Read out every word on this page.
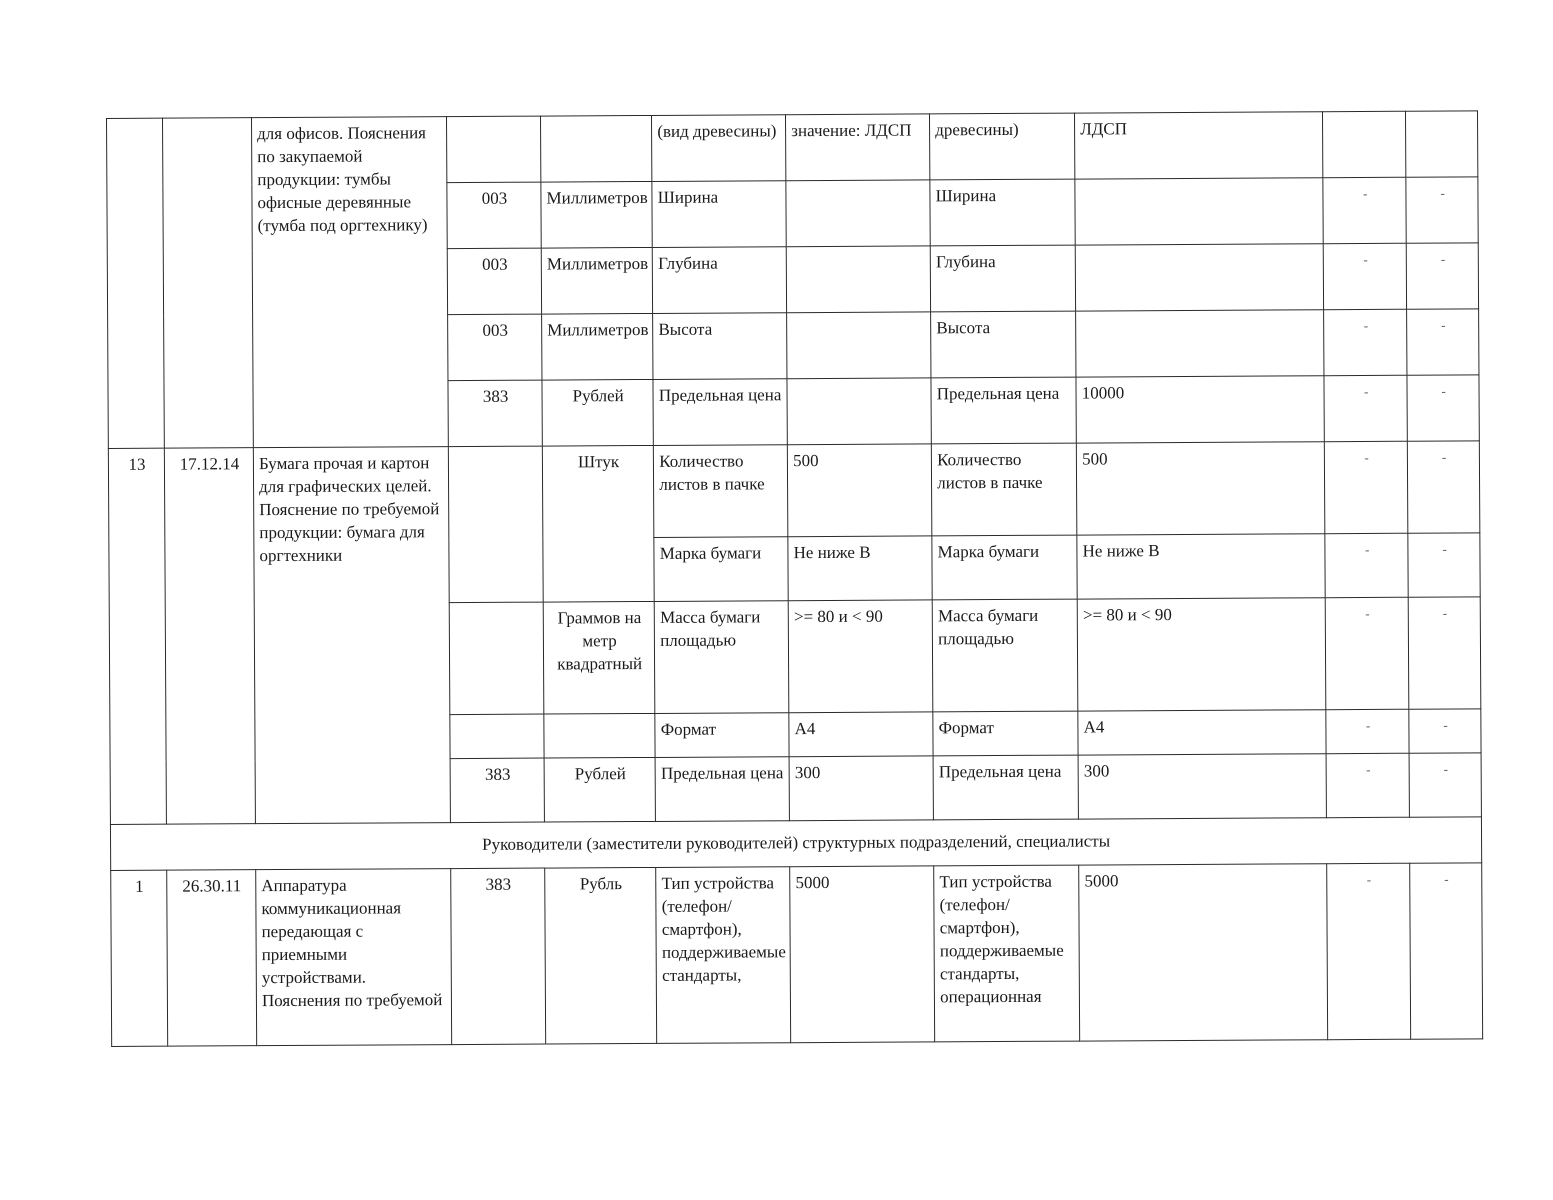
		для офисов. Пояснения по закупаемой продукции: тумбы офисные деревянные (тумба под оргтехнику)			(вид древесины)	значение: ЛДСП	древесины)	ЛДСП		
			003	Миллиметров	Ширина		Ширина		-	-
			003	Миллиметров	Глубина		Глубина		-	-
			003	Миллиметров	Высота		Высота		-	-
			383	Рублей	Предельная цена		Предельная цена	10000	-	-
13	17.12.14	Бумага прочая и картон для графических целей. Пояснение по требуемой продукции: бумага для оргтехники		Штук	Количество листов в пачке	500	Количество листов в пачке	500	-	-
					Марка бумаги	Не ниже В	Марка бумаги	Не ниже В	-	-
				Граммов на метр квадратный	Масса бумаги площадью	>= 80 и < 90	Масса бумаги площадью	>= 80 и < 90	-	-
					Формат	А4	Формат	А4	-	-
			383	Рублей	Предельная цена	300	Предельная цена	300	-	-
Руководители (заместители руководителей) структурных подразделений, специалисты										
1	26.30.11	Аппаратура коммуникационная передающая с приемными устройствами. Пояснения по требуемой	383	Рубль	Тип устройства (телефон/смартфон), поддерживаемые стандарты,	5000	Тип устройства (телефон/смартфон), поддерживаемые стандарты, операционная	5000	-	-
